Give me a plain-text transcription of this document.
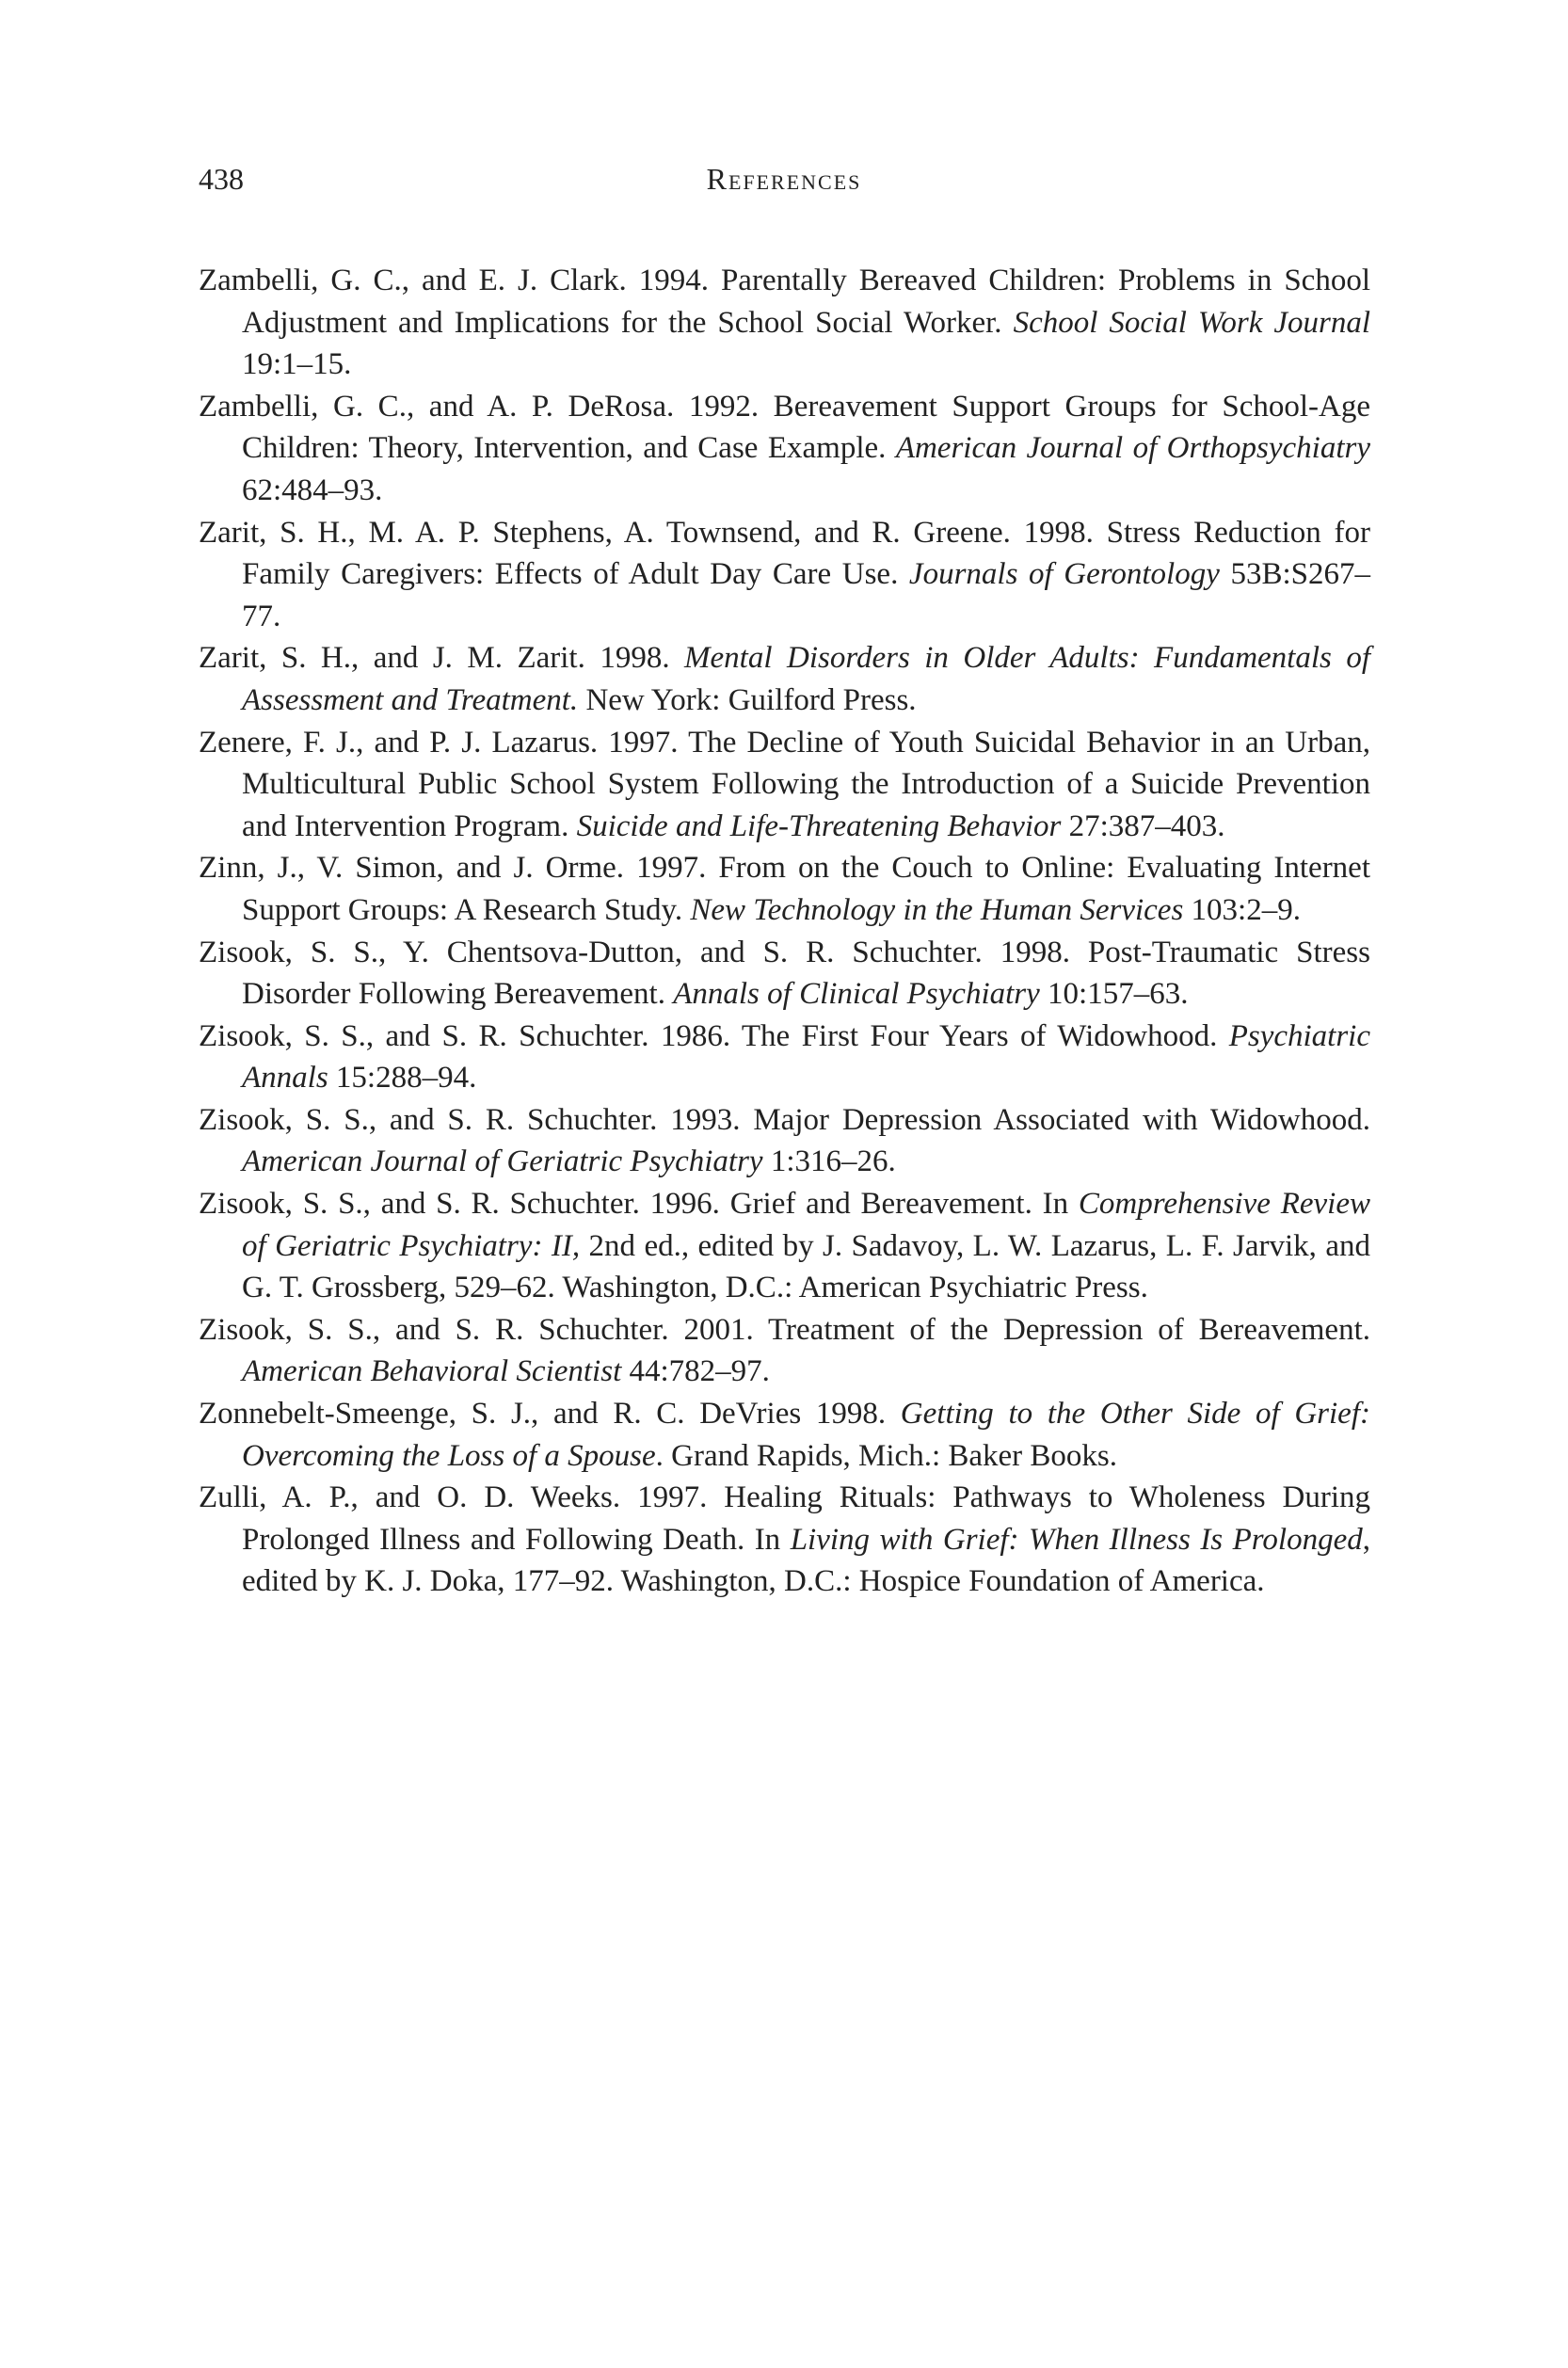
438	References
Zambelli, G. C., and E. J. Clark. 1994. Parentally Bereaved Children: Problems in School Adjustment and Implications for the School Social Worker. School Social Work Journal 19:1–15.
Zambelli, G. C., and A. P. DeRosa. 1992. Bereavement Support Groups for School-Age Children: Theory, Intervention, and Case Example. American Journal of Orthopsychiatry 62:484–93.
Zarit, S. H., M. A. P. Stephens, A. Townsend, and R. Greene. 1998. Stress Reduction for Family Caregivers: Effects of Adult Day Care Use. Journals of Gerontology 53B:S267–77.
Zarit, S. H., and J. M. Zarit. 1998. Mental Disorders in Older Adults: Fundamentals of Assessment and Treatment. New York: Guilford Press.
Zenere, F. J., and P. J. Lazarus. 1997. The Decline of Youth Suicidal Behavior in an Urban, Multicultural Public School System Following the Introduction of a Suicide Prevention and Intervention Program. Suicide and Life-Threatening Behavior 27:387–403.
Zinn, J., V. Simon, and J. Orme. 1997. From on the Couch to Online: Evaluating Internet Support Groups: A Research Study. New Technology in the Human Services 103:2–9.
Zisook, S. S., Y. Chentsova-Dutton, and S. R. Schuchter. 1998. Post-Traumatic Stress Disorder Following Bereavement. Annals of Clinical Psychiatry 10:157–63.
Zisook, S. S., and S. R. Schuchter. 1986. The First Four Years of Widowhood. Psychiatric Annals 15:288–94.
Zisook, S. S., and S. R. Schuchter. 1993. Major Depression Associated with Widowhood. American Journal of Geriatric Psychiatry 1:316–26.
Zisook, S. S., and S. R. Schuchter. 1996. Grief and Bereavement. In Comprehensive Review of Geriatric Psychiatry: II, 2nd ed., edited by J. Sadavoy, L. W. Lazarus, L. F. Jarvik, and G. T. Grossberg, 529–62. Washington, D.C.: American Psychiatric Press.
Zisook, S. S., and S. R. Schuchter. 2001. Treatment of the Depression of Bereavement. American Behavioral Scientist 44:782–97.
Zonnebelt-Smeenge, S. J., and R. C. DeVries 1998. Getting to the Other Side of Grief: Overcoming the Loss of a Spouse. Grand Rapids, Mich.: Baker Books.
Zulli, A. P., and O. D. Weeks. 1997. Healing Rituals: Pathways to Wholeness During Prolonged Illness and Following Death. In Living with Grief: When Illness Is Prolonged, edited by K. J. Doka, 177–92. Washington, D.C.: Hospice Foundation of America.
